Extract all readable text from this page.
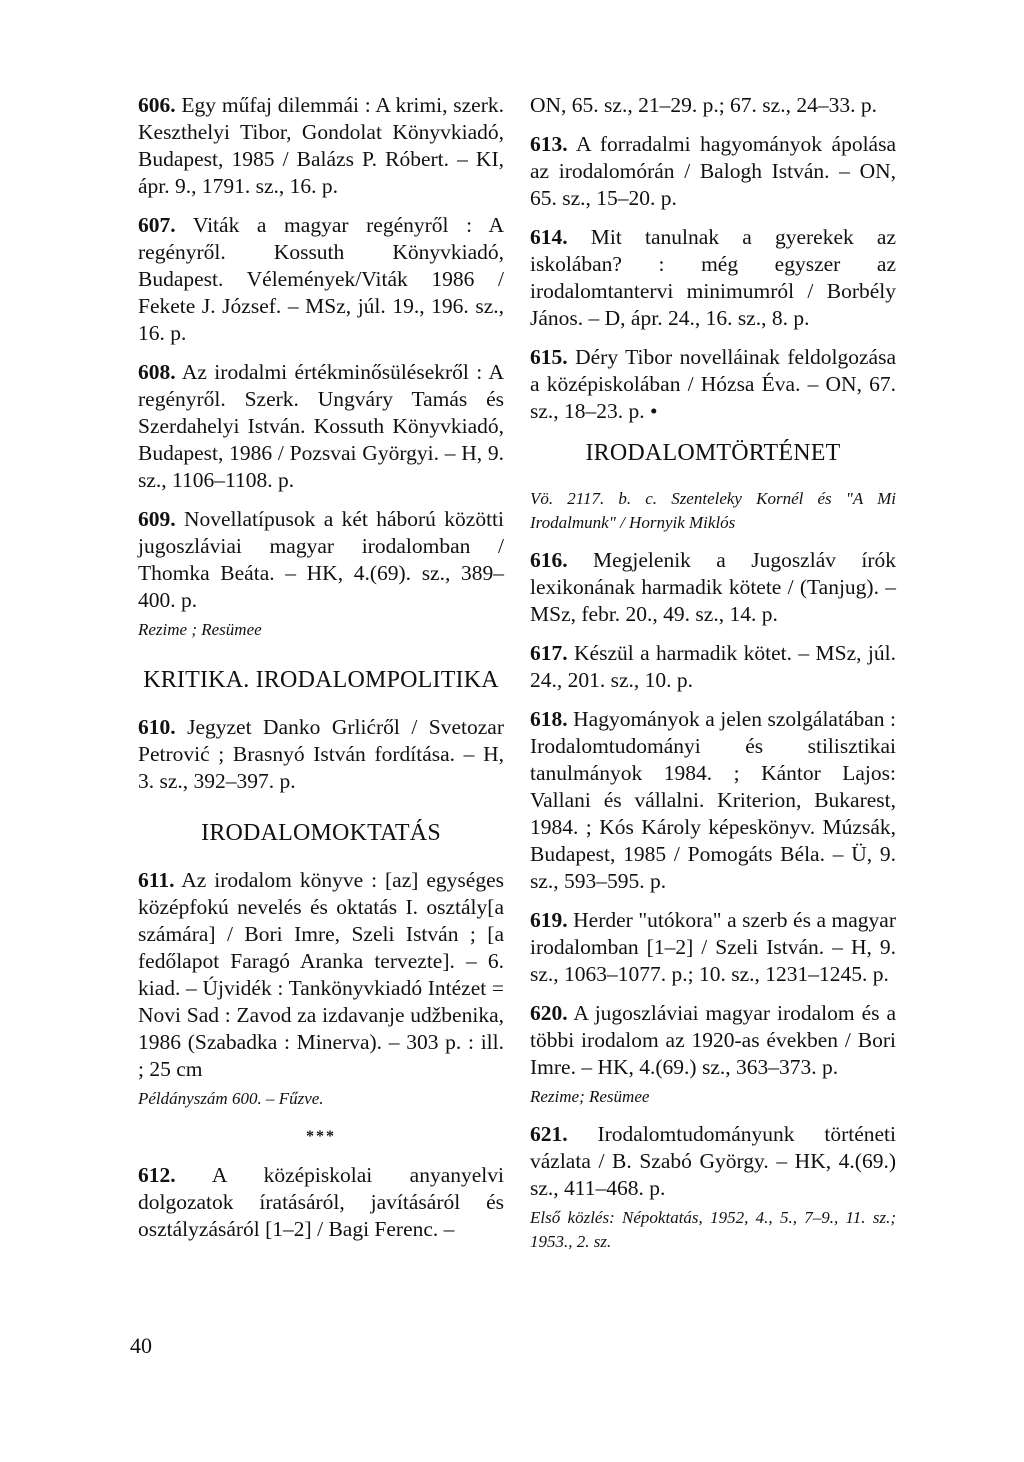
606. Egy műfaj dilemmái : A krimi, szerk. Keszthelyi Tibor, Gondolat Könyvkiadó, Budapest, 1985 / Balázs P. Róbert. – KI, ápr. 9., 1791. sz., 16. p.

607. Viták a magyar regényről : A regényről. Kossuth Könyvkiadó, Budapest. Vélemények/Viták 1986 / Fekete J. József. – MSz, júl. 19., 196. sz., 16. p.

608. Az irodalmi értékminősülésekről : A regényről. Szerk. Ungváry Tamás és Szerdahelyi István. Kossuth Könyvkiadó, Budapest, 1986 / Pozsvai Györgyi. – H, 9. sz., 1106–1108. p.

609. Novellatípusok a két háború közötti jugoszláviai magyar irodalomban / Thomka Beáta. – HK, 4.(69). sz., 389–400. p.

Rezime ; Resümee

KRITIKA. IRODALOMPOLITIKA

610. Jegyzet Danko Grlićről / Svetozar Petrović ; Brasnyó István fordítása. – H, 3. sz., 392–397. p.

IRODALOMOKTATÁS

611. Az irodalom könyve : [az] egységes középfokú nevelés és oktatás I. osztály[a számára] / Bori Imre, Szeli István ; [a fedőlapot Faragó Aranka tervezte]. – 6. kiad. – Újvidék : Tankönyvkiadó Intézet = Novi Sad : Zavod za izdavanje udžbenika, 1986 (Szabadka : Minerva). – 303 p. : ill. ; 25 cm

Példányszám 600. – Fűzve.

***

612. A középiskolai anyanyelvi dolgozatok íratásáról, javításáról és osztályzásáról [1–2] / Bagi Ferenc. –

ON, 65. sz., 21–29. p.; 67. sz., 24–33. p.

613. A forradalmi hagyományok ápolása az irodalomórán / Balogh István. – ON, 65. sz., 15–20. p.

614. Mit tanulnak a gyerekek az iskolában? : még egyszer az irodalomtantervi minimumról / Borbély János. – D, ápr. 24., 16. sz., 8. p.

615. Déry Tibor novelláinak feldolgozása a középiskolában / Hózsa Éva. – ON, 67. sz., 18–23. p. •

IRODALOMTÖRTÉNET

Vö. 2117. b. c. Szenteleky Kornél és "A Mi Irodalmunk" / Hornyik Miklós

616. Megjelenik a Jugoszláv írók lexikonának harmadik kötete / (Tanjug). – MSz, febr. 20., 49. sz., 14. p.

617. Készül a harmadik kötet. – MSz, júl. 24., 201. sz., 10. p.

618. Hagyományok a jelen szolgálatában : Irodalomtudományi és stilisztikai tanulmányok 1984. ; Kántor Lajos: Vallani és vállalni. Kriterion, Bukarest, 1984. ; Kós Károly képeskönyv. Múzsák, Budapest, 1985 / Pomogáts Béla. – Ü, 9. sz., 593–595. p.

619. Herder "utókora" a szerb és a magyar irodalomban [1–2] / Szeli István. – H, 9. sz., 1063–1077. p.; 10. sz., 1231–1245. p.

620. A jugoszláviai magyar irodalom és a többi irodalom az 1920-as években / Bori Imre. – HK, 4.(69.) sz., 363–373. p.

Rezime; Resümee

621. Irodalomtudományunk történeti vázlata / B. Szabó György. – HK, 4.(69.) sz., 411–468. p.

Első közlés: Népoktatás, 1952, 4., 5., 7–9., 11. sz.; 1953., 2. sz.

40
